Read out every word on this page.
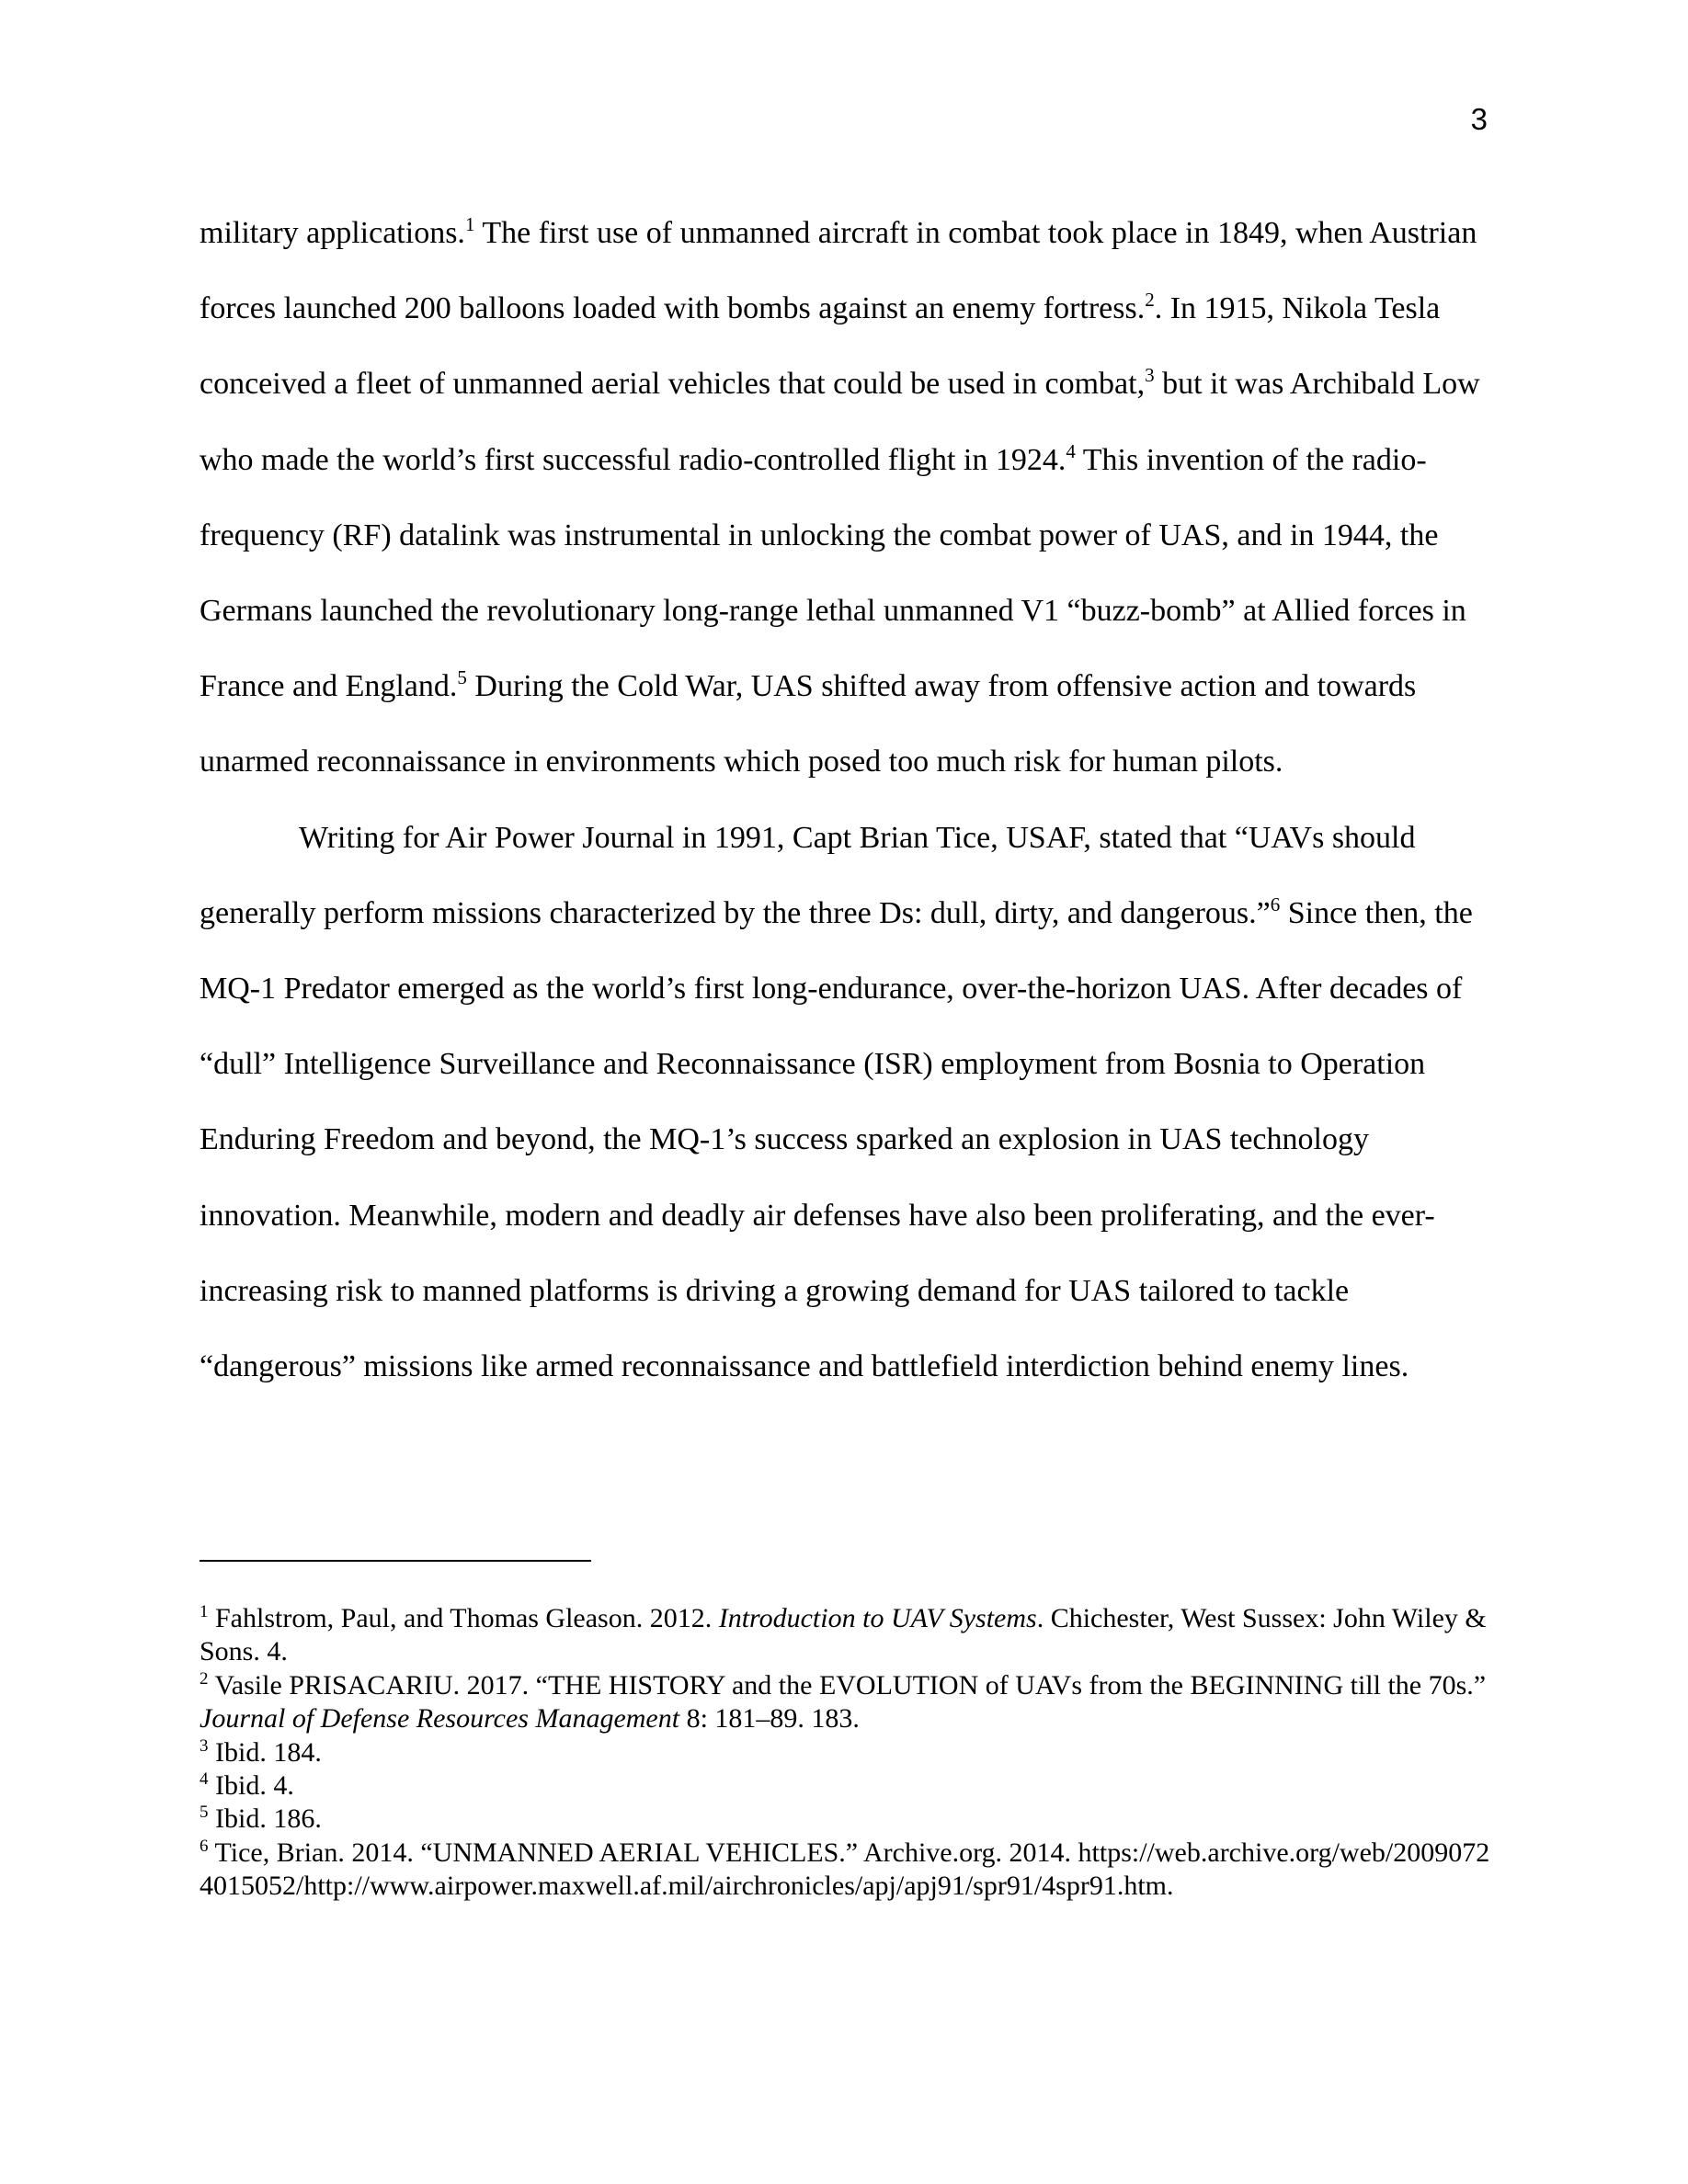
3

military applications.$^1$ The first use of unmanned aircraft in combat took place in 1849, when Austrian forces launched 200 balloons loaded with bombs against an enemy fortress.$^2$. In 1915, Nikola Tesla conceived a fleet of unmanned aerial vehicles that could be used in combat,$^3$ but it was Archibald Low who made the world’s first successful radio-controlled flight in 1924.$^4$ This invention of the radio-frequency (RF) datalink was instrumental in unlocking the combat power of UAS, and in 1944, the Germans launched the revolutionary long-range lethal unmanned V1 “buzz-bomb” at Allied forces in France and England.$^5$ During the Cold War, UAS shifted away from offensive action and towards unarmed reconnaissance in environments which posed too much risk for human pilots.

Writing for Air Power Journal in 1991, Capt Brian Tice, USAF, stated that “UAVs should generally perform missions characterized by the three Ds: dull, dirty, and dangerous.”$^6$ Since then, the MQ-1 Predator emerged as the world’s first long-endurance, over-the-horizon UAS. After decades of “dull” Intelligence Surveillance and Reconnaissance (ISR) employment from Bosnia to Operation Enduring Freedom and beyond, the MQ-1’s success sparked an explosion in UAS technology innovation. Meanwhile, modern and deadly air defenses have also been proliferating, and the ever-increasing risk to manned platforms is driving a growing demand for UAS tailored to tackle “dangerous” missions like armed reconnaissance and battlefield interdiction behind enemy lines.

$^1$ Fahlstrom, Paul, and Thomas Gleason. 2012. Introduction to UAV Systems. Chichester, West Sussex: John Wiley & Sons. 4.

$^2$ Vasile PRISACARIU. 2017. “THE HISTORY and the EVOLUTION of UAVs from the BEGINNING till the 70s.” Journal of Defense Resources Management 8: 181–89. 183.

$^3$ Ibid. 184.

$^4$ Ibid. 4.

$^5$ Ibid. 186.

$^6$ Tice, Brian. 2014. “UNMANNED AERIAL VEHICLES.” Archive.org. 2014. https://web.archive.org/web/20090724015052/http://www.airpower.maxwell.af.mil/airchronicles/apj/apj91/spr91/4spr91.htm.
